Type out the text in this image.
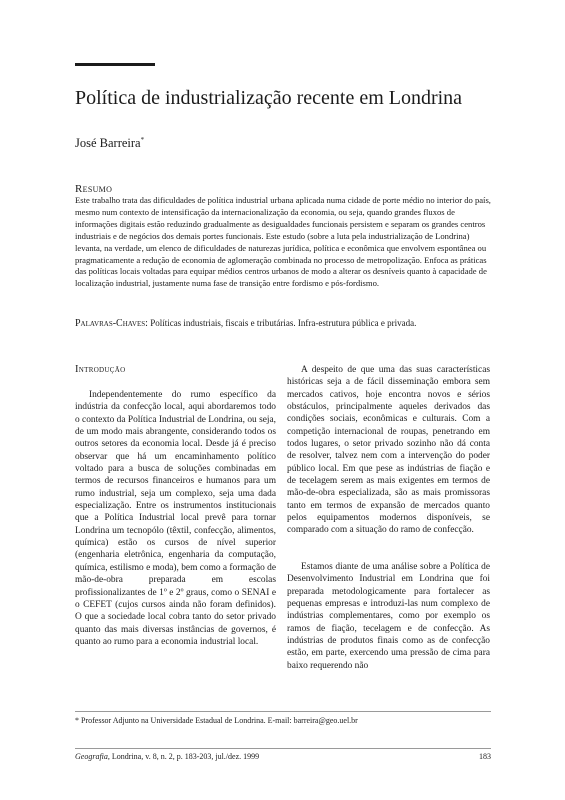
Política de industrialização recente em Londrina
José Barreira*
Resumo

Este trabalho trata das dificuldades de política industrial urbana aplicada numa cidade de porte médio no interior do país, mesmo num contexto de intensificação da internacionalização da economia, ou seja, quando grandes fluxos de informações digitais estão reduzindo gradualmente as desigualdades funcionais persistem e separam os grandes centros industriais e de negócios dos demais portes funcionais. Este estudo (sobre a luta pela industrialização de Londrina) levanta, na verdade, um elenco de dificuldades de naturezas jurídica, política e econômica que envolvem espontânea ou pragmaticamente a redução de economia de aglomeração combinada no processo de metropolização. Enfoca as práticas das políticas locais voltadas para equipar médios centros urbanos de modo a alterar os desníveis quanto à capacidade de localização industrial, justamente numa fase de transição entre fordismo e pós-fordismo.

Palavras-Chaves: Políticas industriais, fiscais e tributárias. Infra-estrutura pública e privada.

Introdução

Independentemente do rumo específico da indústria da confecção local, aqui abordaremos todo o contexto da Política Industrial de Londrina, ou seja, de um modo mais abrangente, considerando todos os outros setores da economia local. Desde já é preciso observar que há um encaminhamento político voltado para a busca de soluções combinadas em termos de recursos financeiros e humanos para um rumo industrial, seja um complexo, seja uma dada especialização. Entre os instrumentos institucionais que a Política Industrial local prevê para tornar Londrina um tecnopólo (têxtil, confecção, alimentos, química) estão os cursos de nível superior (engenharia eletrônica, engenharia da computação, química, estilismo e moda), bem como a formação de mão-de-obra preparada em escolas profissionalizantes de 1º e 2º graus, como o SENAI e o CEFET (cujos cursos ainda não foram definidos). O que a sociedade local cobra tanto do setor privado quanto das mais diversas instâncias de governos, é quanto ao rumo para a economia industrial local.

A despeito de que uma das suas características históricas seja a de fácil disseminação embora sem mercados cativos, hoje encontra novos e sérios obstáculos, principalmente aqueles derivados das condições sociais, econômicas e culturais. Com a competição internacional de roupas, penetrando em todos lugares, o setor privado sozinho não dá conta de resolver, talvez nem com a intervenção do poder público local. Em que pese as indústrias de fiação e de tecelagem serem as mais exigentes em termos de mão-de-obra especializada, são as mais promissoras tanto em termos de expansão de mercados quanto pelos equipamentos modernos disponíveis, se comparado com a situação do ramo de confecção.

Estamos diante de uma análise sobre a Política de Desenvolvimento Industrial em Londrina que foi preparada metodologicamente para fortalecer as pequenas empresas e introduzi-las num complexo de indústrias complementares, como por exemplo os ramos de fiação, tecelagem e de confecção. As indústrias de produtos finais como as de confecção estão, em parte, exercendo uma pressão de cima para baixo requerendo não

* Professor Adjunto na Universidade Estadual de Londrina. E-mail: barreira@geo.uel.br

Geografia, Londrina, v. 8, n. 2, p. 183-203, jul./dez. 1999	183
